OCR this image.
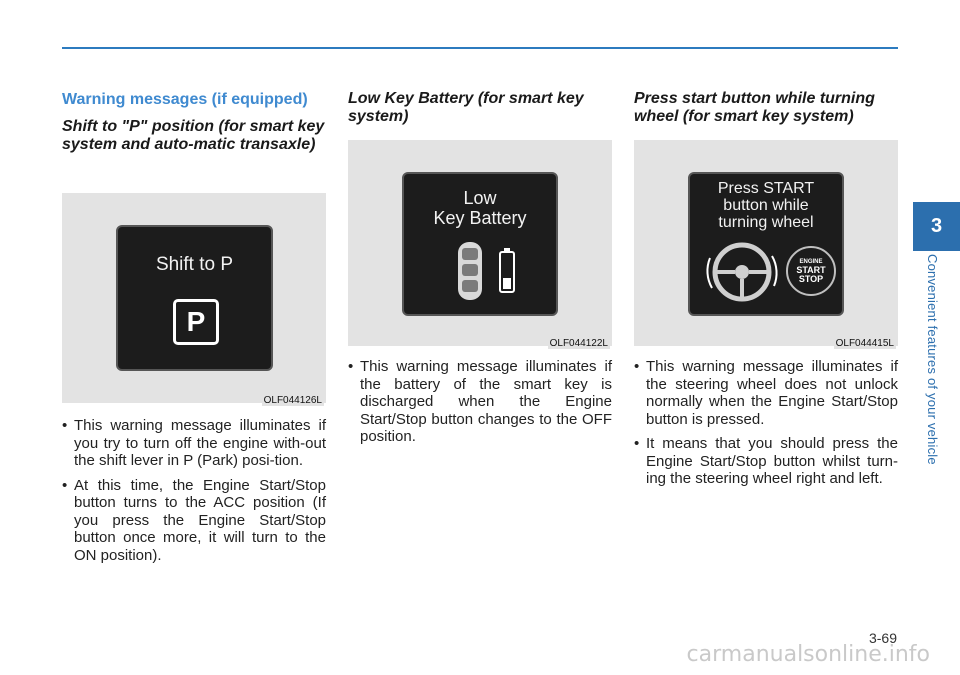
Warning messages (if equipped)
Shift to "P" position (for smart key system and auto-matic transaxle)
Shift to P
P
OLF044126L
• This warning message illuminates if you try to turn off the engine with-out the shift lever in P (Park) posi-tion.
• At this time, the Engine Start/Stop button turns to the ACC position (If you press the Engine Start/Stop button once more, it will turn to the ON position).
Low Key Battery (for smart key system)
Low
Key Battery
OLF044122L
• This warning message illuminates if the battery of the smart key is discharged when the Engine Start/Stop button changes to the OFF position.
Press start button while turning wheel (for smart key system)
Press START
button while
turning wheel
ENGINE
START
STOP
OLF044415L
• This warning message illuminates if the steering wheel does not unlock normally when the Engine Start/Stop button is pressed.
• It means that you should press the Engine Start/Stop button whilst turn-ing the steering wheel right and left.
3
Convenient features of your vehicle
3-69
carmanualsonline.info
